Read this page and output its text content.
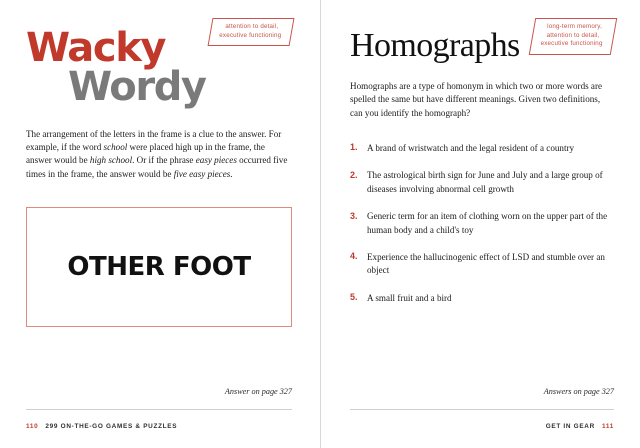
attention to detail,
executive functioning
Wacky
Wordy

The arrangement of the letters in the frame is a clue to the answer. For example, if the word school were placed high up in the frame, the answer would be high school. Or if the phrase easy pieces occurred five times in the frame, the answer would be five easy pieces.

OTHER FOOT
Answer on page 327
110 299 ON-THE-GO GAMES & PUZZLES
long-term memory,
attention to detail,
executive functioning
Homographs

Homographs are a type of homonym in which two or more words are spelled the same but have different meanings. Given two definitions, can you identify the homograph?

1.	A brand of wristwatch and the legal resident of a country
2.	The astrological birth sign for June and July and a large group of diseases involving abnormal cell growth
3.	Generic term for an item of clothing worn on the upper part of the human body and a child's toy
4.	Experience the hallucinogenic effect of LSD and stumble over an object
5.	A small fruit and a bird
Answers on page 327
GET IN GEAR 111
